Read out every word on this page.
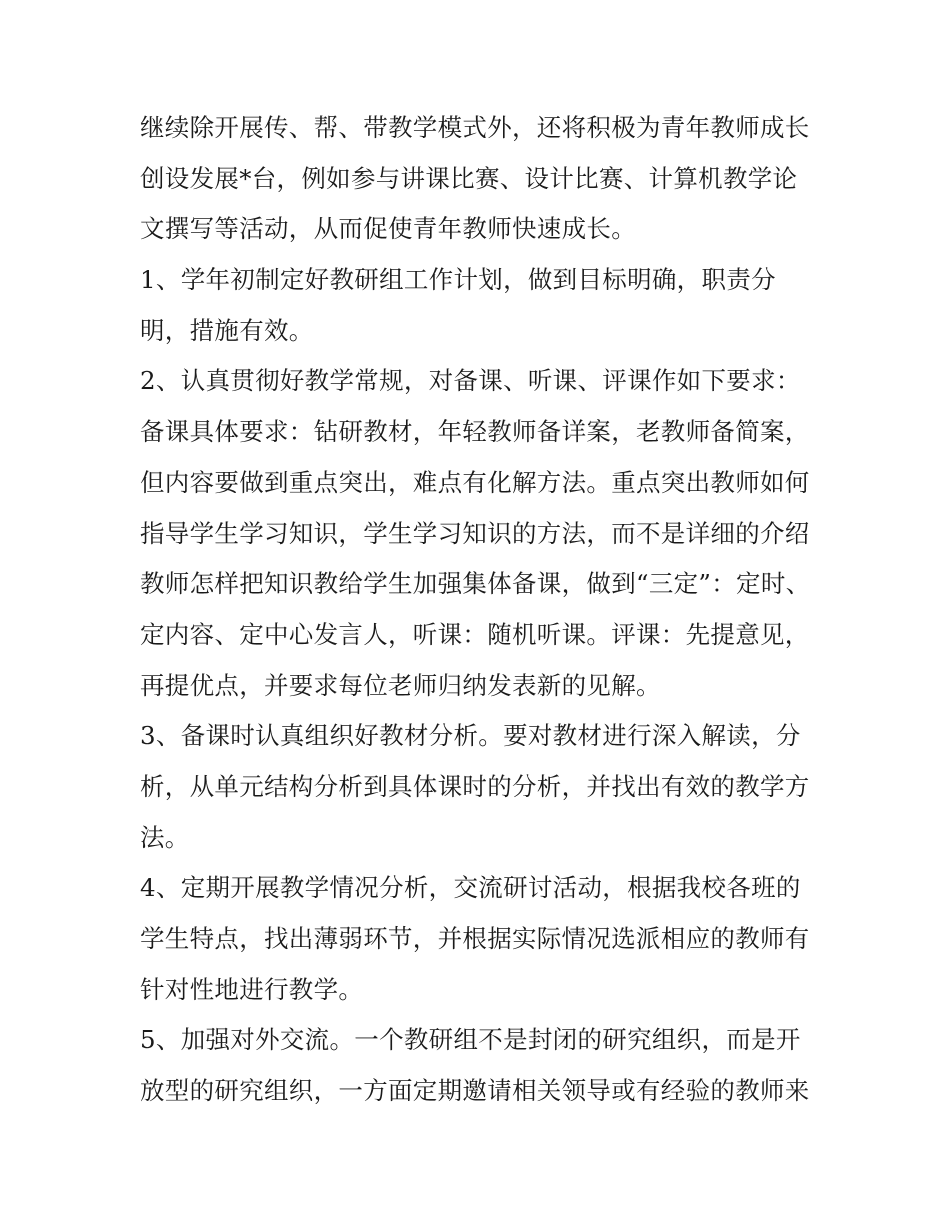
继续除开展传、帮、带教学模式外，还将积极为青年教师成长
创设发展*台，例如参与讲课比赛、设计比赛、计算机教学论
文撰写等活动，从而促使青年教师快速成长。
1、学年初制定好教研组工作计划，做到目标明确，职责分
明，措施有效。
2、认真贯彻好教学常规，对备课、听课、评课作如下要求：
备课具体要求：钻研教材，年轻教师备详案，老教师备简案，
但内容要做到重点突出，难点有化解方法。重点突出教师如何
指导学生学习知识，学生学习知识的方法，而不是详细的介绍
教师怎样把知识教给学生加强集体备课，做到“三定”：定时、
定内容、定中心发言人，听课：随机听课。评课：先提意见，
再提优点，并要求每位老师归纳发表新的见解。
3、备课时认真组织好教材分析。要对教材进行深入解读，分
析，从单元结构分析到具体课时的分析，并找出有效的教学方
法。
4、定期开展教学情况分析，交流研讨活动，根据我校各班的
学生特点，找出薄弱环节，并根据实际情况选派相应的教师有
针对性地进行教学。
5、加强对外交流。一个教研组不是封闭的研究组织，而是开
放型的研究组织，一方面定期邀请相关领导或有经验的教师来
